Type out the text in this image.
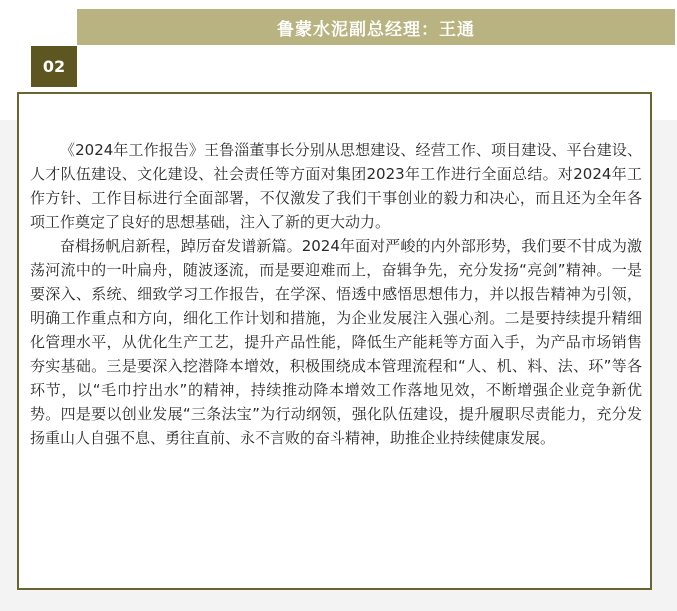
鲁蒙水泥副总经理：王通
02

《2024年工作报告》王鲁淄董事长分别从思想建设、经营工作、项目建设、平台建设、人才队伍建设、文化建设、社会责任等方面对集团2023年工作进行全面总结。对2024年工作方针、工作目标进行全面部署，不仅激发了我们干事创业的毅力和决心，而且还为全年各项工作奠定了良好的思想基础，注入了新的更大动力。

奋楫扬帆启新程，踔厉奋发谱新篇。2024年面对严峻的内外部形势，我们要不甘成为激荡河流中的一叶扁舟，随波逐流，而是要迎难而上，奋辑争先，充分发扬“亮剑”精神。一是要深入、系统、细致学习工作报告，在学深、悟透中感悟思想伟力，并以报告精神为引领，明确工作重点和方向，细化工作计划和措施，为企业发展注入强心剂。二是要持续提升精细化管理水平，从优化生产工艺，提升产品性能，降低生产能耗等方面入手，为产品市场销售夯实基础。三是要深入挖潜降本增效，积极围绕成本管理流程和“人、机、料、法、环”等各环节，以“毛巾拧出水”的精神，持续推动降本增效工作落地见效，不断增强企业竞争新优势。四是要以创业发展“三条法宝”为行动纲领，强化队伍建设，提升履职尽责能力，充分发扬重山人自强不息、勇往直前、永不言败的奋斗精神，助推企业持续健康发展。
